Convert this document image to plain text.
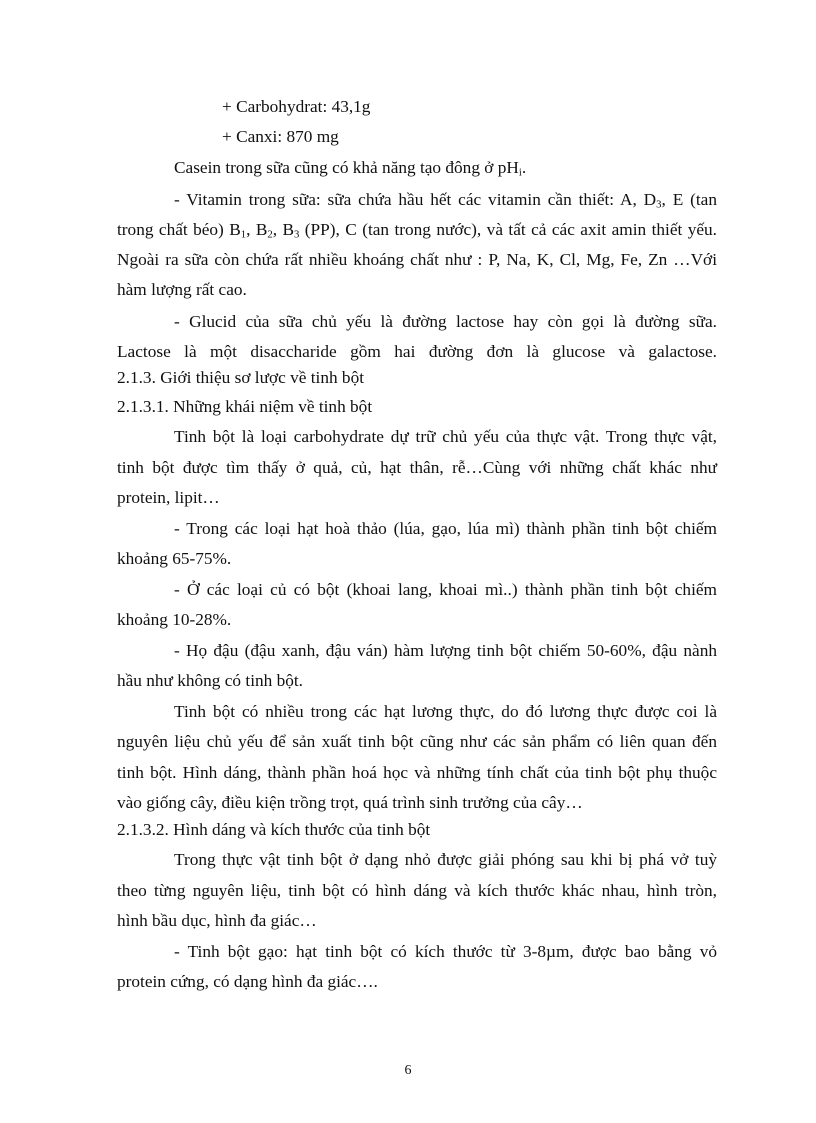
+ Carbohydrat: 43,1g
+ Canxi: 870 mg
Casein trong sữa cũng có khả năng tạo đông ở $pH_i$.
- Vitamin trong sữa: sữa chứa hầu hết các vitamin cần thiết: A, $D_3$, E (tan
trong chất béo) $B_1$, $B_2$, $B_3$ (PP), C (tan trong nước), và tất cả các axit amin thiết yếu.
Ngoài ra sữa còn chứa rất nhiều khoáng chất như : P, Na, K, Cl, Mg, Fe, Zn …Với
hàm lượng rất cao.
- Glucid của sữa chủ yếu là đường lactose hay còn gọi là đường sữa.
Lactose là một disaccharide gồm hai đường đơn là glucose và galactose.
2.1.3. Giới thiệu sơ lược về tinh bột
2.1.3.1. Những khái niệm về tinh bột
Tinh bột là loại carbohydrate dự trữ chủ yếu của thực vật. Trong thực vật,
tinh bột được tìm thấy ở quả, củ, hạt thân, rễ…Cùng với những chất khác như
protein, lipit…
- Trong các loại hạt hoà thảo (lúa, gạo, lúa mì) thành phần tinh bột chiếm
khoảng 65-75%.
- Ở các loại củ có bột (khoai lang, khoai mì..) thành phần tinh bột chiếm
khoảng 10-28%.
- Họ đậu (đậu xanh, đậu ván) hàm lượng tinh bột chiếm 50-60%, đậu nành
hầu như không có tinh bột.
Tinh bột có nhiều trong các hạt lương thực, do đó lương thực được coi là
nguyên liệu chủ yếu để sản xuất tinh bột cũng như các sản phẩm có liên quan đến
tinh bột. Hình dáng, thành phần hoá học và những tính chất của tinh bột phụ thuộc
vào giống cây, điều kiện trồng trọt, quá trình sinh trưởng của cây…
2.1.3.2. Hình dáng và kích thước của tinh bột
Trong thực vật tinh bột ở dạng nhỏ được giải phóng sau khi bị phá vở tuỳ
theo từng nguyên liệu, tinh bột có hình dáng và kích thước khác nhau, hình tròn,
hình bầu dục, hình đa giác…
- Tinh bột gạo: hạt tinh bột có kích thước từ 3-8µm, được bao bằng vỏ
protein cứng, có dạng hình đa giác….
6
